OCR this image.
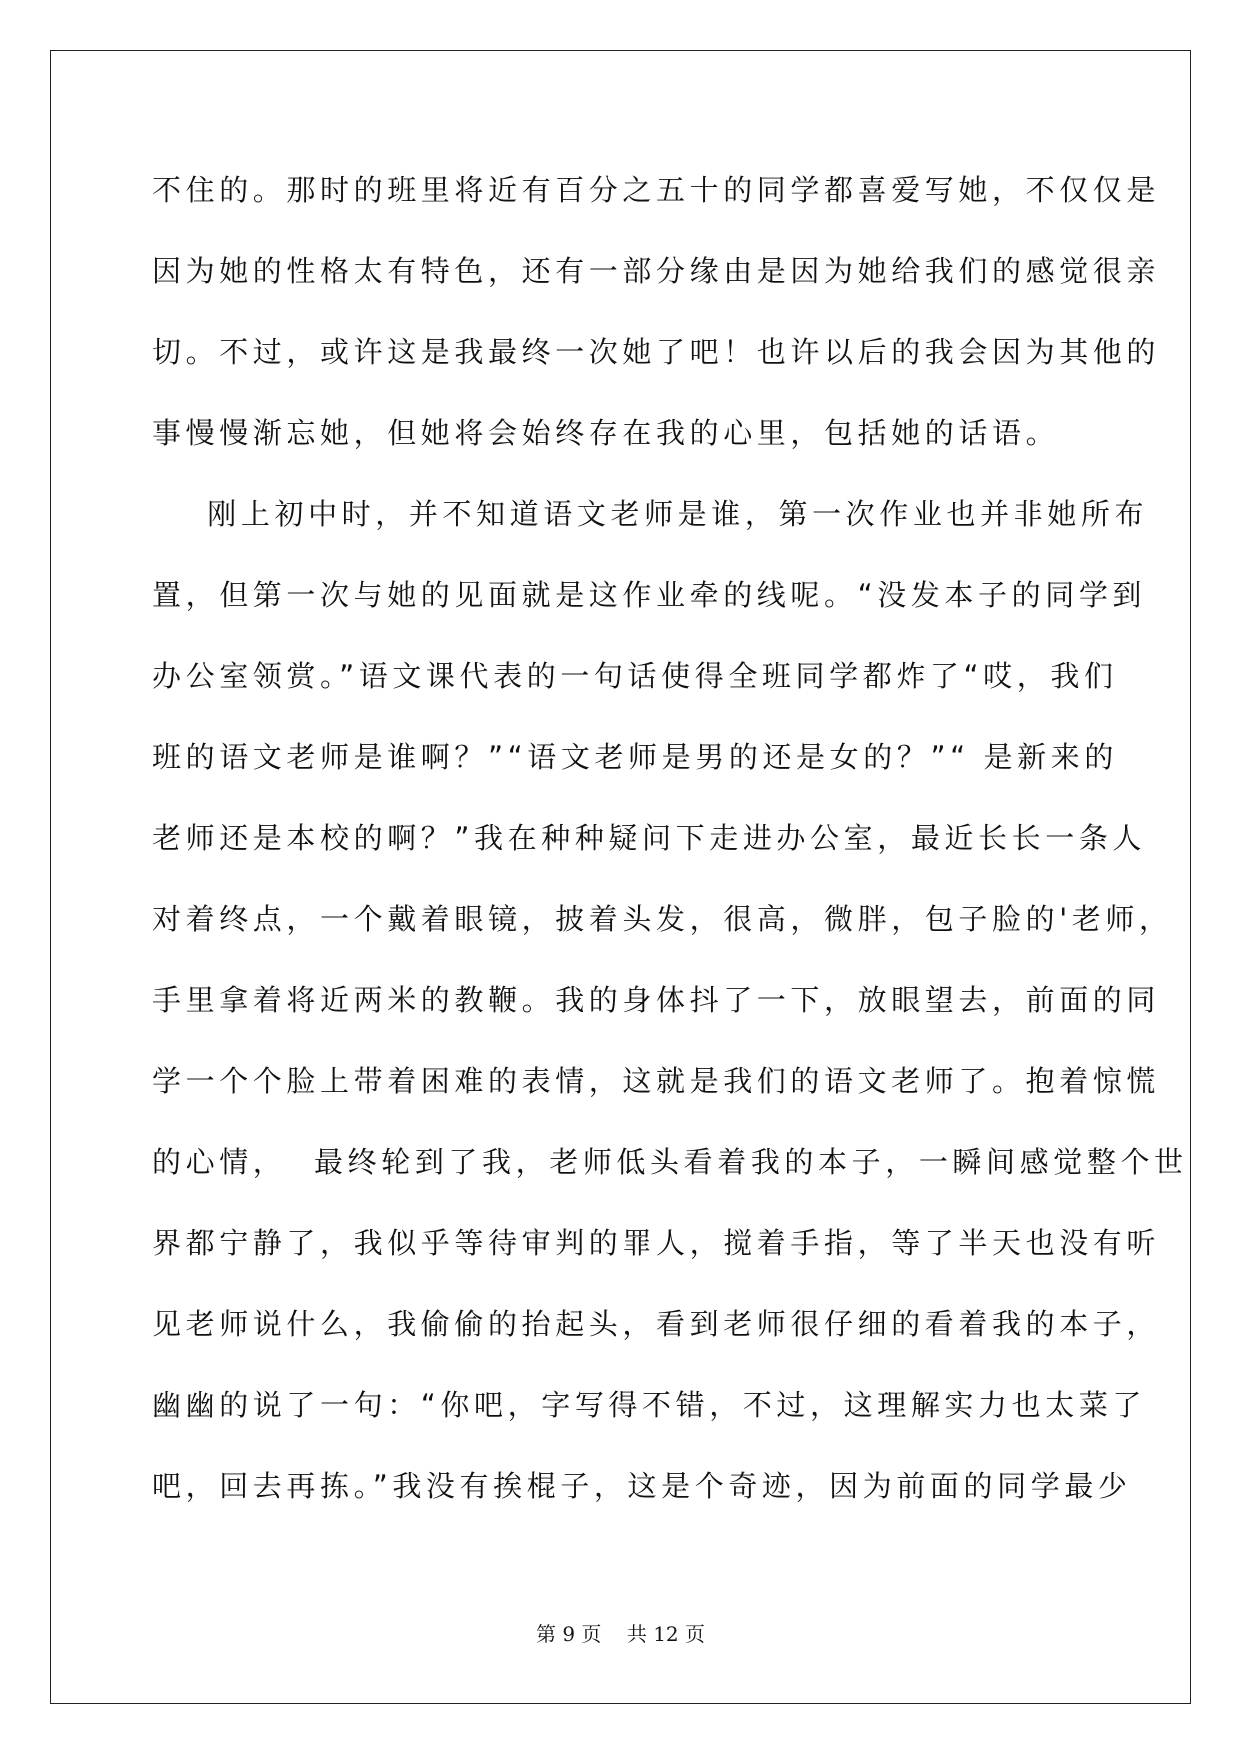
不住的。那时的班里将近有百分之五十的同学都喜爱写她，不仅仅是
因为她的性格太有特色，还有一部分缘由是因为她给我们的感觉很亲
切。不过，或许这是我最终一次她了吧！也许以后的我会因为其他的
事慢慢渐忘她，但她将会始终存在我的心里，包括她的话语。
刚上初中时，并不知道语文老师是谁，第一次作业也并非她所布
置，但第一次与她的见面就是这作业牵的线呢。“没发本子的同学到
办公室领赏。”语文课代表的一句话使得全班同学都炸了“哎，我们
班的语文老师是谁啊？”“语文老师是男的还是女的？”“ 是新来的
老师还是本校的啊？”我在种种疑问下走进办公室，最近长长一条人
对着终点，一个戴着眼镜，披着头发，很高，微胖，包子脸的'老师，
手里拿着将近两米的教鞭。我的身体抖了一下，放眼望去，前面的同
学一个个脸上带着困难的表情，这就是我们的语文老师了。抱着惊慌
的心情，  最终轮到了我，老师低头看着我的本子，一瞬间感觉整个世
界都宁静了，我似乎等待审判的罪人，搅着手指，等了半天也没有听
见老师说什么，我偷偷的抬起头，看到老师很仔细的看着我的本子，
幽幽的说了一句：“你吧，字写得不错，不过，这理解实力也太菜了
吧，回去再拣。”我没有挨棍子，这是个奇迹，因为前面的同学最少
第 9 页    共 12 页
